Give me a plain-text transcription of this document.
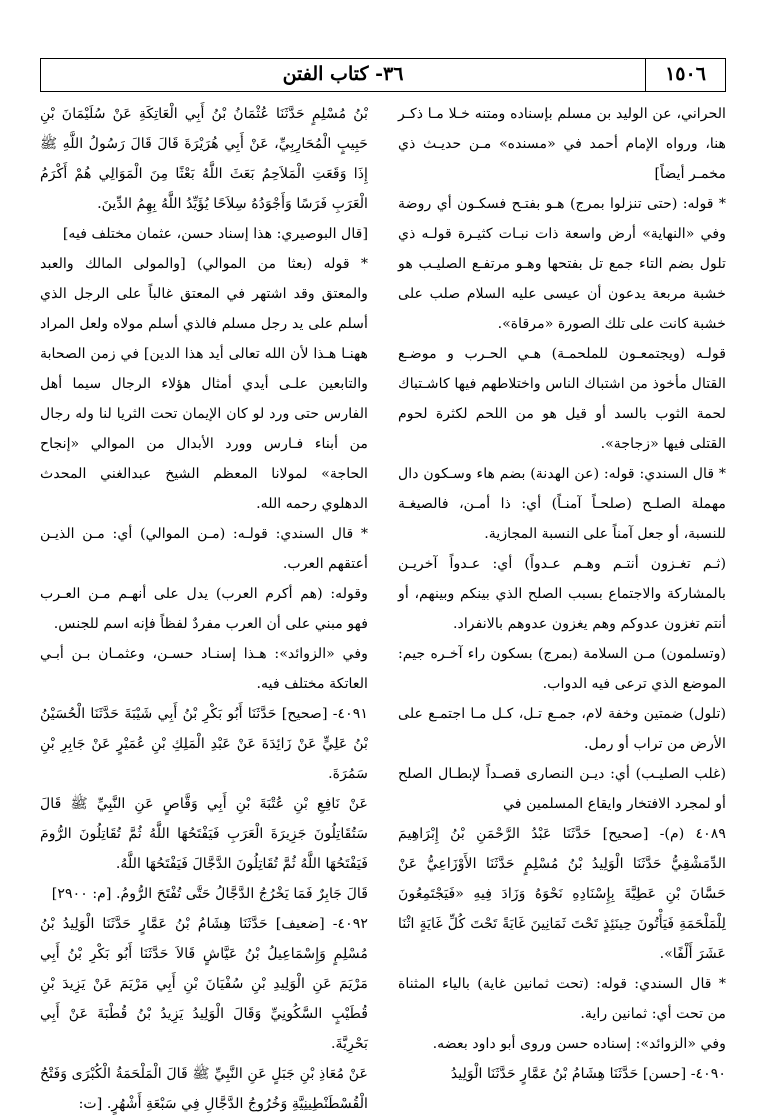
١٥٠٦
٣٦- كتاب الفتن

الحراني، عن الوليد بن مسلم بإسناده ومتنه خـلا مـا ذكـر هنا، ورواه الإمام أحمد في «مسنده» مـن حديـث ذي مخمـر أيضاً]

* قوله: (حتى تنزلوا بمرج) هـو بفتـح فسكـون أي روضة وفي «النهاية» أرض واسعة ذات نبـات كثيـرة قولـه ذي تلول بضم التاء جمع تل بفتحها وهـو مرتفـع الصليـب هو خشبة مربعة يدعون أن عيسى عليه السلام صلب على خشبة كانت على تلك الصورة «مرقاة».

قولـه (ويجتمعـون للملحمـة) هـي الحـرب و موضـع القتال مأخوذ من اشتباك الناس واختلاطهم فيها كاشـتباك لحمة الثوب بالسد أو قيل هو من اللحم لكثرة لحوم القتلى فيها «زجاجة».

* قال السندي: قوله: (عن الهدنة) بضم هاء وسـكون دال مهملة الصلـح (صلحـاً آمنـاً) أي: ذا أمـن، فالصيغـة للنسبة، أو جعل آمناً على النسبة المجازية.

(ثـم تغـزون أنتـم وهـم عـدواً) أي: عـدواً آخريـن بالمشاركة والاجتماع بسبب الصلح الذي بينكم وبينهم، أو أنتم تغزون عدوكم وهم يغزون عدوهم بالانفراد.

(وتسلمون) مـن السلامة (بمرج) بسكون راء آخـره جيم: الموضع الذي ترعى فيه الدواب.

(تلول) ضمتين وخفة لام، جمـع تـل، كـل مـا اجتمـع على الأرض من تراب أو رمل.

(غلب الصليـب) أي: ديـن النصارى قصـداً لإبطـال الصلح أو لمجرد الافتخار وايقاع المسلمين في

٤٠٨٩ (م)- [صحيح] حَدَّثَنَا عَبْدُ الرَّحْمَنِ بْنُ إِبْرَاهِيمَ الدِّمَشْقِيُّ حَدَّثَنَا الْوَلِيدُ بْنُ مُسْلِمٍ حَدَّثَنَا الأَوْزَاعِيُّ عَنْ حَسَّانَ بْنِ عَطِيَّةَ بِإِسْنَادِهِ نَحْوَهُ وَزَادَ فِيهِ «فَيَجْتَمِعُونَ لِلْمَلْحَمَةِ فَيَأْتُونَ حِينَئِذٍ تَحْتَ ثَمَانِينَ غَايَةً تَحْتَ كُلِّ غَايَةٍ اثْنَا عَشَرَ أَلْفًا».

* قال السندي: قوله: (تحت ثمانين غاية) بالياء المثناة من تحت أي: ثمانين راية.

وفي «الزوائد»: إسناده حسن وروى أبو داود بعضه.

٤٠٩٠- [حسن] حَدَّثَنَا هِشَامُ بْنُ عَمَّارٍ حَدَّثَنَا الْوَلِيدُ

بْنُ مُسْلِمٍ حَدَّثَنَا عُثْمَانُ بْنُ أَبِي الْعَاتِكَةِ عَنْ سُلَيْمَانَ بْنِ حَبِيبٍ الْمُحَارِبِيِّ، عَنْ أَبِي هُرَيْرَةَ قَالَ قَالَ رَسُولُ اللَّهِ ﷺ إِذَا وَقَعَتِ الْمَلاَحِمُ بَعَثَ اللَّهُ بَعْثًا مِنَ الْمَوَالِي هُمْ أَكْرَمُ الْعَرَبِ فَرَسًا وَأَجْوَدُهُ سِلاَحًا يُؤَيِّدُ اللَّهُ بِهِمُ الدِّينَ.

[قال البوصيري: هذا إسناد حسن، عثمان مختلف فيه]

* قوله (بعثا من الموالي) [والمولى المالك والعبد والمعتق وقد اشتهر في المعتق غالباً على الرجل الذي أسلم على يد رجل مسلم فالذي أسلم مولاه ولعل المراد ههنـا هـذا لأن الله تعالى أيد هذا الدين] في زمن الصحابة والتابعين علـى أيدي أمثال هؤلاء الرجال سيما أهل الفارس حتى ورد لو كان الإيمان تحت الثريا لنا وله رجال من أبناء فـارس وورد الأبدال من الموالي «إنجاح الحاجة» لمولانا المعظم الشيخ عبدالغني المحدث الدهلوي رحمه الله.

* قال السندي: قولـه: (مـن الموالي) أي: مـن الذيـن أعتقهم العرب.

وقوله: (هم أكرم العرب) يدل على أنهـم مـن العـرب فهو مبني على أن العرب مفردٌ لفظاً فإنه اسم للجنس.

وفي «الزوائد»: هـذا إسنـاد حسـن، وعثمـان بـن أبـي العاتكة مختلف فيه.

٤٠٩١- [صحيح] حَدَّثَنَا أَبُو بَكْرِ بْنُ أَبِي شَيْبَةَ حَدَّثَنَا الْحُسَيْنُ بْنُ عَلِيٍّ عَنْ زَائِدَةَ عَنْ عَبْدِ الْمَلِكِ بْنِ عُمَيْرٍ عَنْ جَابِرِ بْنِ سَمُرَةَ.

عَنْ نَافِعِ بْنِ عُتْبَةَ بْنِ أَبِي وَقَّاصٍ عَنِ النَّبِيِّ ﷺ قَالَ سَتُقَاتِلُونَ جَزِيرَةَ الْعَرَبِ فَيَفْتَحُهَا اللَّهُ ثُمَّ تُقَاتِلُونَ الرُّومَ فَيَفْتَحُهَا اللَّهُ ثُمَّ تُقَاتِلُونَ الدَّجَّالَ فَيَفْتَحُهَا اللَّهُ.

قَالَ جَابِرٌ فَمَا يَخْرُجُ الدَّجَّالُ حَتَّى تُفْتَحَ الرُّومُ. [م: ٢٩٠٠]

٤٠٩٢- [ضعيف] حَدَّثَنَا هِشَامُ بْنُ عَمَّارٍ حَدَّثَنَا الْوَلِيدُ بْنُ مُسْلِمٍ وَإِسْمَاعِيلُ بْنُ عَيَّاشٍ قَالاَ حَدَّثَنَا أَبُو بَكْرِ بْنُ أَبِي مَرْيَمَ عَنِ الْوَلِيدِ بْنِ سُفْيَانَ بْنِ أَبِي مَرْيَمَ عَنْ يَزِيدَ بْنِ قُطَيْبٍ السَّكُونِيِّ وَقَالَ الْوَلِيدُ يَزِيدُ بْنُ قُطْبَةَ عَنْ أَبِي بَحْرِيَّةَ.

عَنْ مُعَاذِ بْنِ جَبَلٍ عَنِ النَّبِيِّ ﷺ قَالَ الْمَلْحَمَةُ الْكُبْرَى وَفَتْحُ الْقُسْطَنْطِينِيَّةِ وَخُرُوجُ الدَّجَّالِ فِي سَبْعَةِ أَشْهُرٍ. [ت:
